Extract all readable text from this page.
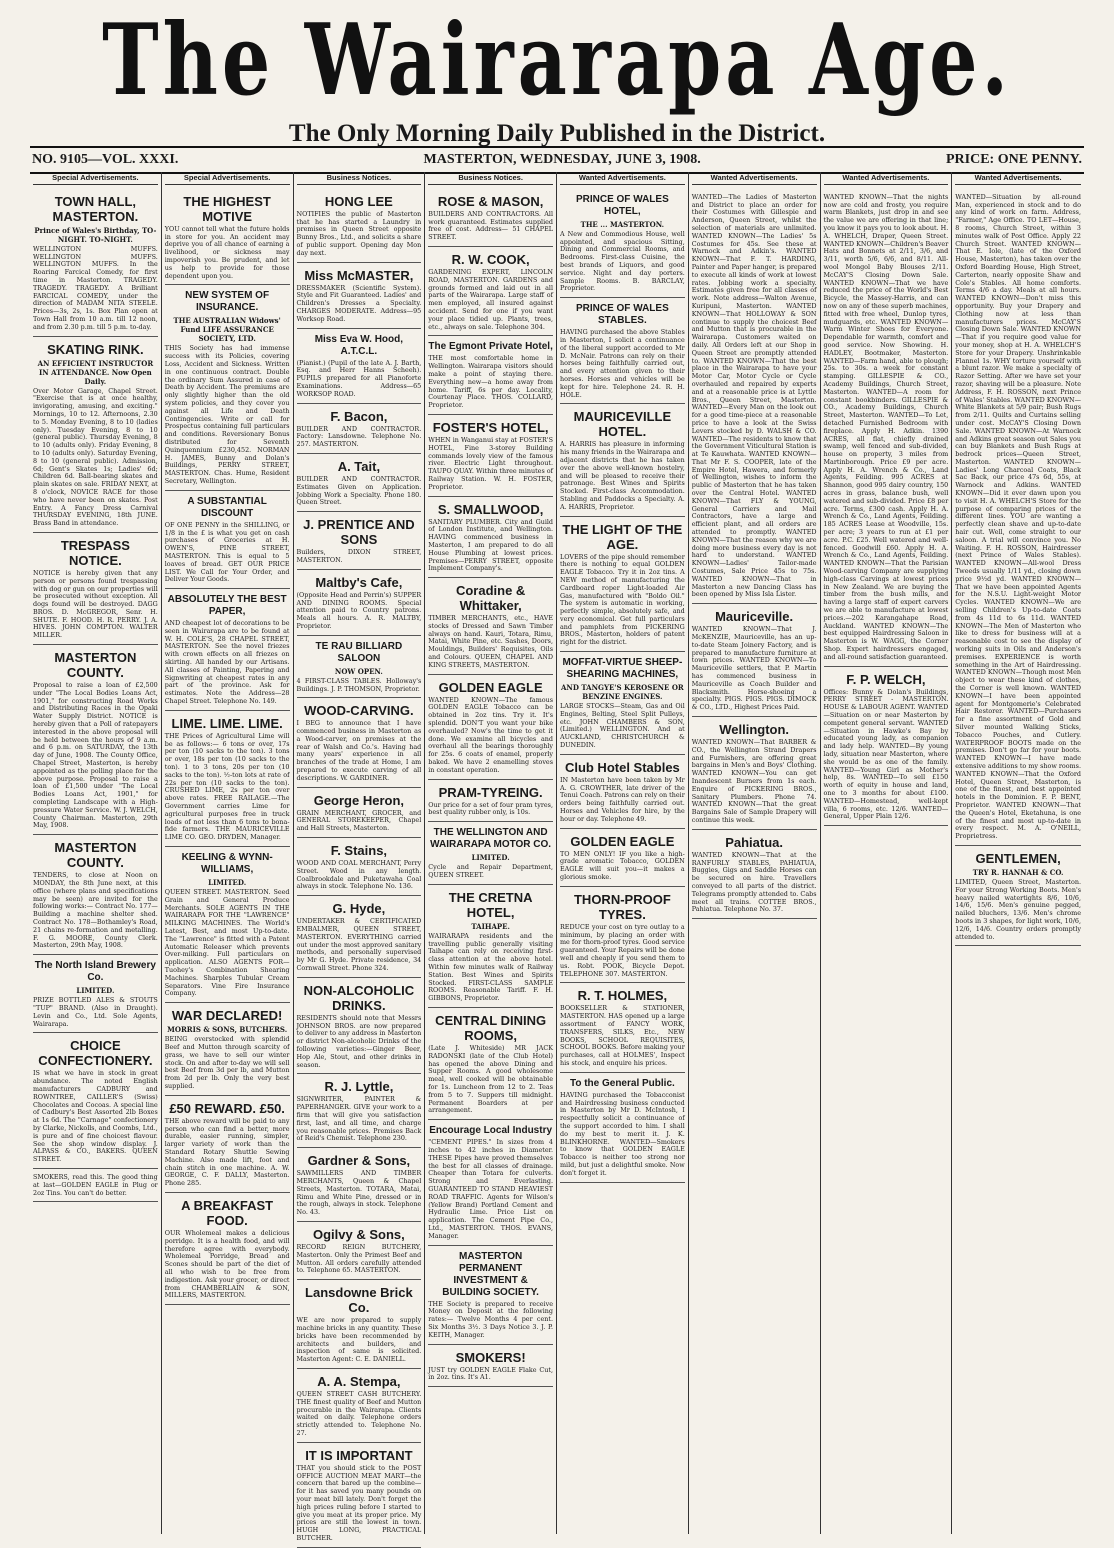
The Wairarapa Age.
The Only Morning Daily Published in the District.
NO. 9105—VOL. XXXI.	MASTERTON, WEDNESDAY, JUNE 3, 1908.	PRICE: ONE PENNY.
Special Advertisements.
TOWN HALL, MASTERTON.
Prince of Wales's Birthday, TO-NIGHT. TO-NIGHT.
WELLINGTON MUFFS. WELLINGTON MUFFS. WELLINGTON MUFFS. In the Roaring Farcical Comedy, for first time in Masterton. TRAGEDY. TRAGEDY. TRAGEDY. A Brilliant FARCICAL COMEDY, under the direction of MADAM NITA STEELE. Prices—3s, 2s, 1s. Box Plan open at Town Hall from 10 a.m. till 12 noon, and from 2.30 p.m. till 5 p.m. to-day.
SKATING RINK.
AN EFFICIENT INSTRUCTOR IN ATTENDANCE. Now Open Daily.
Over Motor Garage, Chapel Street. "Exercise that is at once healthy, invigorating, amusing, and exciting." Mornings, 10 to 12. Afternoons, 2.30 to 5. Monday Evening, 8 to 10 (ladies only). Tuesday Evening, 8 to 10 (general public). Thursday Evening, 8 to 10 (adults only). Friday Evening, 8 to 10 (adults only). Saturday Evening, 8 to 10 (general public). Admission, 6d; Gent's Skates 1s; Ladies' 6d; Children 6d. Ball-bearing skates and plain skates on sale. FRIDAY NEXT, at 8 o'clock, NOVICE RACE for those who have never been on skates. Post Entry. A Fancy Dress Carnival THURSDAY EVENING, 18th JUNE. Brass Band in attendance.
TRESPASS NOTICE.
NOTICE is hereby given that any person or persons found trespassing with dog or gun on our properties will be prosecuted without exception. All dogs found will be destroyed. DAGG BROS. D. McGREGOR, Senr. H. SHUTE. F. HOOD. H. R. PERRY. J. A. HIVES. JOHN COMPTON. WALTER MILLER.
MASTERTON COUNTY.
Proposal to raise a loan of £2,500 under "The Local Bodies Loans Act, 1901," for constructing Road Works and Distributing Races in the Opaki Water Supply District. NOTICE is hereby given that a Poll of ratepayers interested in the above proposal will be held between the hours of 9 a.m. and 6 p.m. on SATURDAY, the 13th day of June, 1908. The County Office, Chapel Street, Masterton, is hereby appointed as the polling place for the above purpose. Proposal to raise a loan of £1,500 under "The Local Bodies Loans Act, 1901," for completing Landscape with a High-pressure Water Service. W. J. WELCH, County Chairman. Masterton, 29th May, 1908.
MASTERTON COUNTY.
TENDERS, to close at Noon on MONDAY, the 8th June next, at this office (where plans and specifications may be seen) are invited for the following works:— Contract No. 177—Building a machine shelter shed. Contract No. 178—Bothamley's Road, 21 chains re-formation and metalling. F. G. MOORE, County Clerk. Masterton, 29th May, 1908.
The North Island Brewery Co.
LIMITED.
PRIZE BOTTLED ALES & STOUTS "TUP" BRAND. (Also in Draught). Levin and Co., Ltd. Sole Agents, Wairarapa.
CHOICE CONFECTIONERY.
IS what we have in stock in great abundance. The noted English manufacturers CADBURY and ROWNTREE, CAILLER'S (Swiss) Chocolates and Cocoas. A special line of Cadbury's Best Assorted 2lb Boxes at 1s 6d. The "Carnage" confectionery by Clarke, Nickolls, and Coombs, Ltd., is pure and of fine choicest flavour. See the shop window display. J. ALPASS & CO., BAKERS. QUEEN STREET.
SMOKERS, read this. The good thing at last—GOLDEN EAGLE in Plug or 2oz Tins. You can't do better.
Special Advertisements.
THE HIGHEST MOTIVE
YOU cannot tell what the future holds in store for you. An accident may deprive you of all chance of earning a livelihood, or sickness may impoverish you. Be prudent, and let us help to provide for those dependent upon you.
NEW SYSTEM OF INSURANCE.
THE AUSTRALIAN Widows' Fund LIFE ASSURANCE SOCIETY, LTD.
THIS Society has had immense success with its Policies, covering Loss, Accident and Sickness. Written in one continuous contract. Double the ordinary Sum Assured in case of Death by Accident. The premiums are only slightly higher than the old system policies, and they cover you against all Life and Death Contingencies. Write or call for Prospectus containing full particulars and conditions. Reversionary Bonus distributed for Seventh Quinquennium £230,452. NORMAN H. JAMES, Bunny and Dolan's Buildings, PERRY STREET, MASTERTON. Chas. Hume, Resident Secretary, Wellington.
A SUBSTANTIAL DISCOUNT
OF ONE PENNY in the SHILLING, or 1/8 in the £ is what you get on cash purchases of Groceries at H. OWEN'S, PINE STREET, MASTERTON. This is equal to 5 loaves of bread. GET OUR PRICE LIST. We Call for Your Order, and Deliver Your Goods.
ABSOLUTELY THE BEST PAPER,
AND cheapest lot of decorations to be seen in Wairarapa are to be found at W. H. COLE'S, 28 CHAPEL STREET, MASTERTON. See the novel friezes with crown effects on all friezes on skirting. All handed by our Artisans. All classes of Painting, Papering and Signwriting at cheapest rates in any part of the province. Ask for estimates. Note the Address—28 Chapel Street. Telephone No. 149.
LIME. LIME. LIME.
THE Prices of Agricultural Lime will be as follows:— 6 tons or over, 17s per ton (10 sacks to the ton). 3 tons or over, 18s per ton (10 sacks to the ton). 1 to 3 tons, 20s per ton (10 sacks to the ton). ½-ton lots at rate of 22s per ton (10 sacks to the ton). CRUSHED LIME, 2s per ton over above rates. FREE RAILAGE.—The Government carries Lime for agricultural purposes free in truck loads of not less than 6 tons to bona-fide farmers. THE MAURICEVILLE LIME CO. GEO. DRYDEN, Manager.
KEELING & WYNN-WILLIAMS,
LIMITED.
QUEEN STREET. MASTERTON. Seed Grain and General Produce Merchants. SOLE AGENTS IN THE WAIRARAPA FOR THE "LAWRENCE" MILKING MACHINES. The World's Latest, Best, and most Up-to-date. The "Lawrence" is fitted with a Patent Automatic Releaser which prevents Over-milking. Full particulars on application. ALSO AGENTS FOR— Tuohey's Combination Shearing Machines. Sharples Tubular Cream Separators. Vine Fire Insurance Company.
WAR DECLARED!
MORRIS & SONS, BUTCHERS.
BEING overstocked with splendid Beef and Mutton through scarcity of grass, we have to sell our winter stock. On and after to-day we will sell best Beef from 3d per lb, and Mutton from 2d per lb. Only the very best supplied.
£50 REWARD. £50.
THE above reward will be paid to any person who can find a better, more durable, easier running, simpler, larger variety of work than the Standard Rotary Shuttle Sewing Machine. Also made lift, foot and chain stitch in one machine. A. W. GEORGE, C. F. DALLY, Masterton. Phone 285.
A BREAKFAST FOOD.
OUR Wholemeal makes a delicious porridge. It is a health food, and will therefore agree with everybody. Wholemeal Porridge, Bread and Scones should be part of the diet of all who wish to be free from indigestion. Ask your grocer, or direct from CHAMBERLAIN & SON, MILLERS, MASTERTON.
Business Notices.
HONG LEE
NOTIFIES the public of Masterton that he has started a Laundry in premises in Queen Street opposite Bunny Bros., Ltd., and solicits a share of public support. Opening day Mon day next.
Miss McMASTER,
DRESSMAKER (Scientific System). Style and Fit Guaranteed. Ladies' and Children's Dresses a Specialty. CHARGES MODERATE. Address—95 Worksop Road.
Miss Eva W. Hood, A.T.C.L.
(Pianist.) (Pupil of the late A. J. Barth, Esq. and Herr Hanns Scheeh). PUPILS prepared for all Pianoforte Examinations. Address—65 WORKSOP ROAD.
F. Bacon,
BUILDER AND CONTRACTOR. Factory: Lansdowne. Telephone No. 257. MASTERTON.
A. Tait,
BUILDER AND CONTRACTOR. Estimates Given on Application. Jobbing Work a Specialty. Phone 180. Queen Street.
J. PRENTICE AND SONS
Builders, DIXON STREET, MASTERTON.
Maltby's Cafe,
(Opposite Head and Perrin's) SUPPER AND DINING ROOMS. Special attention paid to Country patrons. Meals all hours. A. R. MALTBY, Proprietor.
TE RAU BILLIARD SALOON
NOW OPEN.
4 FIRST-CLASS TABLES. Holloway's Buildings. J. P. THOMSON, Proprietor.
WOOD-CARVING.
I BEG to announce that I have commenced business in Masterton as a Wood-carver, on premises at the rear of Walsh and Co.'s. Having had many years' experience in all branches of the trade at Home, I am prepared to execute carving of all descriptions. W. GARDINER.
George Heron,
GRAIN MERCHANT, GROCER, and GENERAL STOREKEEPER, Chapel and Hall Streets, Masterton.
F. Stains,
WOOD AND COAL MERCHANT, Perry Street. Wood in any length. Coalbrookdale and Puketawaha Coal always in stock. Telephone No. 136.
G. Hyde,
UNDERTAKER & CERTIFICATED EMBALMER, QUEEN STREET, MASTERTON. EVERYTHING carried out under the most approved sanitary methods, and personally supervised by Mr G. Hyde. Private residence, 34 Cornwall Street. Phone 324.
NON-ALCOHOLIC DRINKS.
RESIDENTS should note that Messrs JOHNSON BROS. are now prepared to deliver to any address in Masterton or district Non-alcoholic Drinks of the following varieties:—Ginger Beer, Hop Ale, Stout, and other drinks in season.
R. J. Lyttle,
SIGNWRITER, PAINTER & PAPERHANGER. GIVE your work to a firm that will give you satisfaction first, last, and all time, and charge you reasonable prices. Premises Back of Reid's Chemist. Telephone 230.
Gardner & Sons,
SAWMILLERS AND TIMBER MERCHANTS, Queen & Chapel Streets, Masterton. TOTARA, Matai, Rimu and White Pine, dressed or in the rough, always in stock. Telephone No. 43.
Ogilvy & Sons,
RECORD REIGN BUTCHERY, Masterton. Only the Primest Beef and Mutton. All orders carefully attended to. Telephone 65. MASTERTON.
Lansdowne Brick Co.
WE are now prepared to supply machine bricks in any quantity. These bricks have been recommended by architects and builders, and inspection of same is solicited. Masterton Agent: C. E. DANIELL.
A. A. Stempa,
QUEEN STREET CASH BUTCHERY. THE finest quality of Beef and Mutton procurable in the Wairarapa. Clients waited on daily. Telephone orders strictly attended to. Telephone No. 27.
IT IS IMPORTANT
THAT you should stick to the POST OFFICE AUCTION MEAT MART—the concern that bared up the combine—for it has saved you many pounds on your meat bill lately. Don't forget the high prices ruling before I started to give you meat at its proper price. My prices are still the lowest in town. HUGH LONG, PRACTICAL BUTCHER.
Business Notices.
ROSE & MASON,
BUILDERS AND CONTRACTORS. All work guaranteed. Estimates supplied free of cost. Address— 51 CHAPEL STREET.
R. W. COOK,
GARDENING EXPERT, LINCOLN ROAD, MASTERTON. GARDENS and grounds formed and laid out in all parts of the Wairarapa. Large staff of men employed, all insured against accident. Send for one if you want your place tidied up. Plants, trees, etc., always on sale. Telephone 304.
The Egmont Private Hotel,
THE most comfortable home in Wellington. Wairarapa visitors should make a point of staying there. Everything new—a home away from home. Tariff, 6s per day. Locality, Courtenay Place. THOS. COLLARD, Proprietor.
FOSTER'S HOTEL,
WHEN in Wanganui stay at FOSTER'S HOTEL, Fine 3-storey Building commands lovely view of the famous river. Electric Light throughout. TAUPO QUAY. Within three minutes of Railway Station. W. H. FOSTER, Proprietor.
S. SMALLWOOD,
SANITARY PLUMBER. City and Guild of London Institute, and Wellington. HAVING commenced business in Masterton, I am prepared to do all House Plumbing at lowest prices. Premises—PERRY STREET, opposite Implement Company's.
Coradine & Whittaker,
TIMBER MERCHANTS, etc., HAVE stocks of Dressed and Sawn Timber always on hand. Kauri, Totara, Rimu, Matai, White Pine, etc. Sashes, Doors, Mouldings, Builders' Requisites, Oils and Colours. QUEEN, CHAPEL AND KING STREETS, MASTERTON.
GOLDEN EAGLE
WANTED KNOWN—The famous GOLDEN EAGLE Tobacco can be obtained in 2oz tins. Try it. It's splendid. DON'T you want your bike overhauled? Now's the time to get it done. We examine all bicycles and overhaul all the bearings thoroughly for 25s. 6 coats of enamel, properly baked. We have 2 enamelling stoves in constant operation.
PRAM-TYREING.
Our price for a set of four pram tyres, best quality rubber only, is 10s.
THE WELLINGTON AND WAIRARAPA MOTOR CO.
LIMITED.
Cycle and Repair Department, QUEEN STREET.
THE CRETNA HOTEL,
TAIHAPE.
WAIRARAPA residents and the travelling public generally visiting Taihape can rely on receiving first-class attention at the above hotel. Within few minutes walk of Railway Station. Best Wines and Spirits Stocked. FIRST-CLASS SAMPLE ROOMS. Reasonable Tariff. F. H. GIBBONS, Proprietor.
CENTRAL DINING ROOMS,
(Late J. Whiteside) MR JACK RADONSKI (late of the Club Hotel) has opened the above Dining and Supper Rooms. A good wholesome meal, well cooked will be obtainable for 1s. Luncheon from 12 to 2. Teas from 5 to 7. Suppers till midnight. Permanent Boarders at per arrangement.
Encourage Local Industry
"CEMENT PIPES." In sizes from 4 inches to 42 inches in Diameter. THESE Pipes have proved themselves the best for all classes of drainage. Cheaper than Totara for culverts. Strong and Everlasting. GUARANTEED TO STAND HEAVIEST ROAD TRAFFIC. Agents for Wilson's (Yellow Brand) Portland Cement and Hydraulic Lime. Price List on application. The Cement Pipe Co., Ltd., MASTERTON. THOS. EVANS, Manager.
MASTERTON PERMANENT INVESTMENT & BUILDING SOCIETY.
THE Society is prepared to receive Money on Deposit at the following rates:— Twelve Months 4 per cent. Six Months 3½. 3 Days Notice 3. J. P. KEITH, Manager.
SMOKERS!
JUST try GOLDEN EAGLE Flake Cut, in 2oz. tins. It's A1.
Wanted Advertisements.
PRINCE OF WALES HOTEL,
THE ... MASTERTON.
A New and Commodious House, well appointed, and spacious Sitting, Dining and Commercial Rooms, and Bedrooms. First-class Cuisine, the best brands of Liquors, and good service. Night and day porters. Sample Rooms. B. BARCLAY, Proprietor.
PRINCE OF WALES STABLES.
HAVING purchased the above Stables in Masterton, I solicit a continuance of the liberal support accorded to Mr D. McNair. Patrons can rely on their horses being faithfully carried out, and every attention given to their horses. Horses and vehicles will be kept for hire. Telephone 24. R. H. HOLE.
MAURICEVILLE HOTEL.
A. HARRIS has pleasure in informing his many friends in the Wairarapa and adjacent districts that he has taken over the above well-known hostelry, and will be pleased to receive their patronage. Best Wines and Spirits Stocked. First-class Accommodation. Stabling and Paddocks a Specialty. A. A. HARRIS, Proprietor.
THE LIGHT OF THE AGE.
LOVERS of the pipe should remember there is nothing to equal GOLDEN EAGLE Tobacco. Try it in 2oz tins. A NEW method of manufacturing the Cardboard roper Light-loaded Air Gas, manufactured with "Boldo Oil." The system is automatic in working, perfectly simple, absolutely safe, and very economical. Get full particulars and pamphlets from PICKERING BROS., Masterton, holders of patent right for the district.
MOFFAT-VIRTUE SHEEP-SHEARING MACHINES,
AND TANGYE'S KEROSENE OR BENZINE ENGINES.
LARGE STOCKS—Steam, Gas and Oil Engines, Belting, Steel Split Pulleys, etc. JOHN CHAMBERS & SON, (Limited.) WELLINGTON. And at AUCKLAND, CHRISTCHURCH & DUNEDIN.
Club Hotel Stables
IN Masterton have been taken by Mr A. G. CROWTHER, late driver of the Tenui Coach. Patrons can rely on their orders being faithfully carried out. Horses and Vehicles for hire, by the hour or day. Telephone 49.
GOLDEN EAGLE
TO MEN ONLY! IF you like a high-grade aromatic Tobacco, GOLDEN EAGLE will suit you—it makes a glorious smoke.
THORN-PROOF TYRES.
REDUCE your cost on tyre outlay to a minimum, by placing an order with me for thorn-proof tyres. Good service guaranteed. Your Repairs will be done well and cheaply if you send them to us. Robt. POOK, Bicycle Depot. TELEPHONE 307. MASTERTON.
R. T. HOLMES,
BOOKSELLER & STATIONER, MASTERTON. HAS opened up a large assortment of FANCY WORK, TRANSFERS, SILKS, Etc., NEW BOOKS, SCHOOL REQUISITES, SCHOOL BOOKS. Before making your purchases, call at HOLMES', Inspect his stock, and enquire his prices.
To the General Public.
HAVING purchased the Tobacconist and Hairdressing business conducted in Masterton by Mr D. McIntosh, I respectfully solicit a continuance of the support accorded to him. I shall do my best to merit it. J. K. BLINKHORNE. WANTED—Smokers to know that GOLDEN EAGLE Tobacco is neither too strong nor mild, but just a delightful smoke. Now don't forget it.
Wanted Advertisements.
WANTED—The Ladies of Masterton and District to place an order for their Costumes with Gillespie and Anderson, Queen Street, whilst the selection of materials are unlimited. WANTED KNOWN—The Ladies' 5s Costumes for 45s. See these at Warnock and Adkin's. WANTED KNOWN—That F. T. HARDING, Painter and Paper hanger, is prepared to execute all kinds of work at lowest rates. Jobbing work a specialty. Estimates given free for all classes of work. Note address—Walton Avenue, Kuripuni, Masterton. WANTED KNOWN—That HOLLOWAY & SON continue to supply the choicest Beef and Mutton that is procurable in the Wairarapa. Customers waited on daily. All Orders left at our Shop in Queen Street are promptly attended to. WANTED KNOWN—That the best place in the Wairarapa to have your Motor Car, Motor Cycle or Cycle overhauled and repaired by experts and at a reasonable price is at Lyttle Bros., Queen Street, Masterton. WANTED—Every Man on the look out for a good time-piece at a reasonable price to have a look at the Swiss Levers stocked by D. WALSH & CO. WANTED—The residents to know that the Government Viticultural Station is at Te Kauwhata. WANTED KNOWN—That Mr F. S. COOPER, late of the Empire Hotel, Hawera, and formerly of Wellington, wishes to inform the public of Masterton that he has taken over the Central Hotel. WANTED KNOWN—That FLY & YOUNG, General Carriers and Mail Contractors, have a large and efficient plant, and all orders are attended to promptly. WANTED KNOWN—That the reason why we are doing more business every day is not hard to understand. WANTED KNOWN—Ladies' Tailor-made Costumes, Sale Price 45s to 75s. WANTED KNOWN—That in Masterton a new Dancing Class has been opened by Miss Isla Lister.
Mauriceville.
WANTED KNOWN—That J. McKENZIE, Mauriceville, has an up-to-date Steam Joinery Factory, and is prepared to manufacture furniture at town prices. WANTED KNOWN—To Mauriceville settlers, that P. Martin has commenced business in Mauriceville as Coach Builder and Blacksmith. Horse-shoeing a specialty. PIGS. PIGS. PIGS. DIMOCK & CO., LTD., Highest Prices Paid.
Wellington.
WANTED KNOWN—That BARBER & CO., the Wellington Strand Drapers and Furnishers, are offering great bargains in Men's and Boys' Clothing. WANTED KNOWN—You can get Inandescent Burners from 1s each. Enquire of PICKERING BROS., Sanitary Plumbers. Phone 74. WANTED KNOWN—That the great Bargains Sale of Sample Drapery will continue this week.
Pahiatua.
WANTED KNOWN—That at the RANFURLY STABLES, PAHIATUA, Buggies, Gigs and Saddle Horses can be secured on hire. Travellers conveyed to all parts of the district. Telegrams promptly attended to. Cabs meet all trains. COTTEE BROS., Pahiatua. Telephone No. 37.
Wanted Advertisements.
WANTED KNOWN—That the nights now are cold and frosty, you require warm Blankets, just drop in and see the value we are offering in that line; you know it pays you to look about. H. A. WHELCH, Draper, Queen Street. WANTED KNOWN—Children's Beaver Hats and Bonnets at 2/11, 3/6, and 3/11, worth 5/6, 6/6, and 8/11. All-wool Mongol Baby Blouses 2/11. McCAY'S Closing Down Sale. WANTED KNOWN—That we have reduced the price of the World's Best Bicycle, the Massey-Harris, and can now on any of these superb machines, fitted with free wheel, Dunlop tyres, mudguards, etc. WANTED KNOWN—Warm Winter Shoes for Everyone. Dependable for warmth, comfort and good service. Now Showing. H. HADLEY, Bootmaker, Masterton. WANTED—Farm hand, able to plough; 25s. to 30s. a week for constant stamping. GILLESPIE & CO., Academy Buildings, Church Street, Masterton. WANTED—A room for constant bookbinders. GILLESPIE & CO., Academy Buildings, Church Street, Masterton. WANTED—To Let, detached Furnished Bedroom with fireplace. Apply H. Adkin. 1390 ACRES, all flat, chiefly drained swamp, well fenced and sub-divided, house on property, 3 miles from Martinborough. Price £9 per acre. Apply H. A. Wrench & Co., Land Agents, Feilding. 995 ACRES at Shannon, good 995 dairy country, 150 acres in grass, balance bush, well watered and sub-divided. Price £8 per acre. Terms, £300 cash. Apply H. A. Wrench & Co., Land Agents, Feilding. 185 ACRES Lease at Woodville, 15s. per acre; 3 years to run at £1 per acre. P.C. £25. Well watered and well-fenced. Goodwill £60. Apply H. A. Wrench & Co., Land Agents, Feilding. WANTED KNOWN—That the Parisian Wood-carving Company are supplying high-class Carvings at lowest prices in New Zealand. We are buying the timber from the bush mills, and having a large staff of expert carvers we are able to manufacture at lowest prices.—202 Karangahape Road, Auckland. WANTED KNOWN—The best equipped Hairdressing Saloon in Masterton is W. WAGG, the Corner Shop. Expert hairdressers engaged, and all-round satisfaction guaranteed.
F. P. WELCH,
Offices: Bunny & Dolan's Buildings, PERRY STREET - MASTERTON. HOUSE & LABOUR AGENT. WANTED—Situation on or near Masterton by competent general servant. WANTED—Situation in Hawke's Bay by educated young lady, as companion and lady help. WANTED—By young lady, situation near Masterton, where she would be as one of the family. WANTED—Young Girl as Mother's help, 8s. WANTED—To sell £150 worth of equity in house and land, one to 3 months for about £100. WANTED—Homestead, well-kept villa, 6 rooms, etc. 12/6. WANTED—General, Upper Plain 12/6.
Wanted Advertisements.
WANTED—Situation by all-round Man, experienced in stock and to do any kind of work on farm. Address, "Farmer," Age Office. TO LET—House, 8 rooms, Church Street, within 3 minutes walk of Post Office. Apply 22 Church Street. WANTED KNOWN—That E. Iole, (late of the Oxford House, Masterton), has taken over the Oxford Boarding House, High Street, Carterton, nearly opposite Shaw and Cole's Stables. All home comforts. Terms 4/6 a day. Meals at all hours. WANTED KNOWN—Don't miss this opportunity. Buy your Drapery and Clothing now at less than manufacturers prices. McCAY'S Closing Down Sale. WANTED KNOWN—That if you require good value for your money, shop at H. A. WHELCH'S Store for your Drapery. Unshrinkable Flannel 1s. WHY torture yourself with a blunt razor. We make a specialty of Razor Setting. After we have set your razor, shaving will be a pleasure. Note Address, F. H. ROSSON, next Prince of Wales' Stables. WANTED KNOWN—White Blankets at 5/9 pair; Bush Rugs from 2/11. Quilts and Curtains selling under cost. McCAY'S Closing Down Sale. WANTED KNOWN—At Warnock and Adkins great season out Sales you can buy Blankets and Bush Rugs at bedrock prices—Queen Street, Masterton. WANTED KNOWN—Ladies' Long Charcoal Coats, Black Sac Back, our price 47s 6d, 55s, at Warnock and Adkins. WANTED KNOWN—Did it ever dawn upon you to visit H. A. WHELCH'S Store for the purpose of comparing prices of the different lines. YOU are wanting a perfectly clean shave and up-to-date hair cut. Well, come straight to our saloon. A trial will convince you. No Waiting. F. H. ROSSON, Hairdresser (next Prince of Wales Stables). WANTED KNOWN—All-wool Dress Tweeds usually 1/11 yd., closing down price 9½d yd. WANTED KNOWN—That we have been appointed Agents for the N.S.U. Light-weight Motor Cycles. WANTED KNOWN—We are selling Children's Up-to-date Coats from 4s 11d to 6s 11d. WANTED KNOWN—The Men of Masterton who like to dress for business will at a reasonable cost to see the display of working suits in Oils and Anderson's premises. EXPERIENCE is worth something in the Art of Hairdressing. WANTED KNOWN—Though most Men object to wear these kind of clothes, the Corner is well known. WANTED KNOWN—I have been appointed agent for Montgomerie's Celebrated Hair Restorer. WANTED—Purchasers for a fine assortment of Gold and Silver mounted Walking Sticks, Tobacco Pouches, and Cutlery. WATERPROOF BOOTS made on the premises. Don't go far for your boots. WANTED KNOWN—I have made extensive additions to my show rooms. WANTED KNOWN—That the Oxford Hotel, Queen Street, Masterton, is one of the finest, and best appointed hotels in the Dominion. F. P. BENT, Proprietor. WANTED KNOWN—That the Queen's Hotel, Eketahuna, is one of the finest and most up-to-date in every respect. M. A. O'NEILL, Proprietress.
GENTLEMEN,
TRY R. HANNAH & CO.
LIMITED, Queen Street, Masterton. For your Strong Working Boots. Men's heavy nailed watertights 8/6, 10/6, 14/6, 15/6. Men's genuine pegged, nailed bluchers, 13/6. Men's chrome boots in 3 shapes, for light work, 10/6, 12/6, 14/6. Country orders promptly attended to.
